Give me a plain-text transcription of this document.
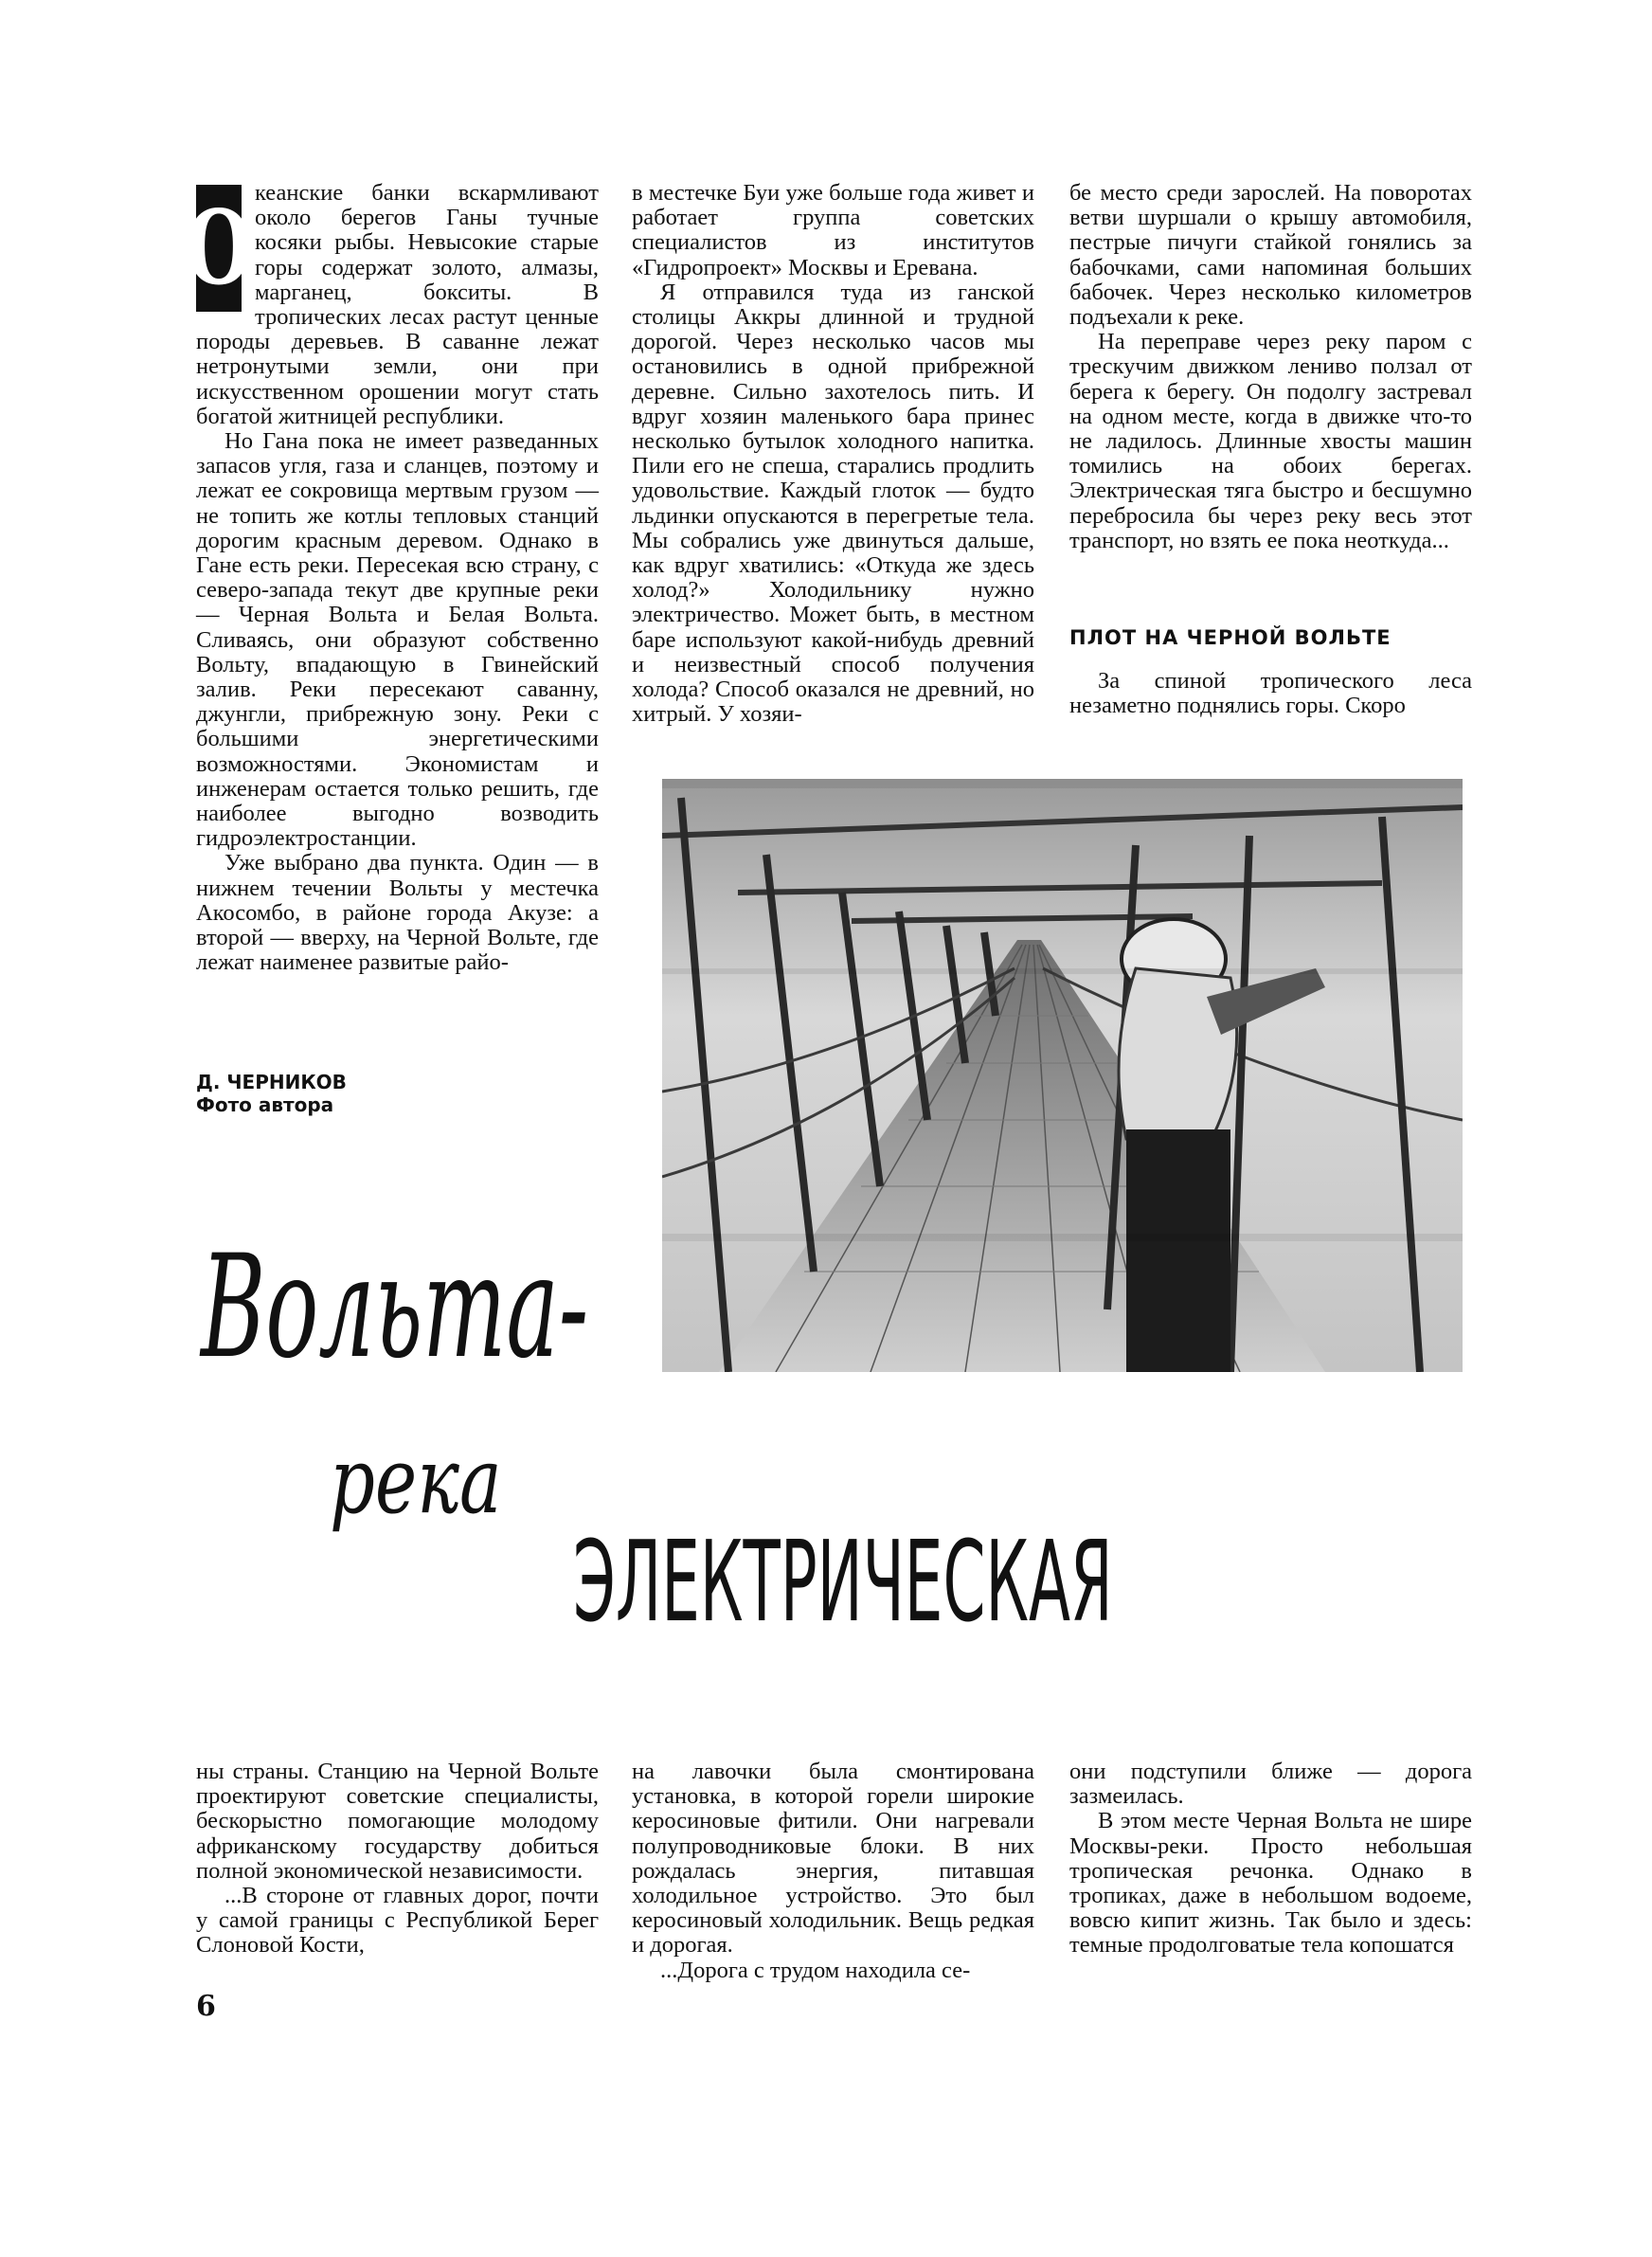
О кеанские банки вскармливают около берегов Ганы тучные косяки рыбы. Невысокие старые горы содержат золото, алмазы, марганец, бокситы. В тропических лесах растут ценные породы деревьев. В саванне лежат нетронутыми земли, они при искусственном орошении могут стать богатой житницей республики.

Но Гана пока не имеет разведанных запасов угля, газа и сланцев, поэтому и лежат ее сокровища мертвым грузом — не топить же котлы тепловых станций дорогим красным деревом. Однако в Гане есть реки. Пересекая всю страну, с северо-запада текут две крупные реки — Черная Вольта и Белая Вольта. Сливаясь, они образуют собственно Вольту, впадающую в Гвинейский залив. Реки пересекают саванну, джунгли, прибрежную зону. Реки с большими энергетическими возможностями. Экономистам и инженерам остается только решить, где наиболее выгодно возводить гидроэлектростанции.

Уже выбрано два пункта. Один — в нижнем течении Вольты у местечка Акосомбо, в районе города Акузе: а второй — вверху, на Черной Вольте, где лежат наименее развитые райо-

в местечке Буи уже больше года живет и работает группа советских специалистов из институтов «Гидропроект» Москвы и Еревана.

Я отправился туда из ганской столицы Аккры длинной и трудной дорогой. Через несколько часов мы остановились в одной прибрежной деревне. Сильно захотелось пить. И вдруг хозяин маленького бара принес несколько бутылок холодного напитка. Пили его не спеша, старались продлить удовольствие. Каждый глоток — будто льдинки опускаются в перегретые тела. Мы собрались уже двинуться дальше, как вдруг хватились: «Откуда же здесь холод?» Холодильнику нужно электричество. Может быть, в местном баре используют какой-нибудь древний и неизвестный способ получения холода? Способ оказался не древний, но хитрый. У хозяи-

бе место среди зарослей. На поворотах ветви шуршали о крышу автомобиля, пестрые пичуги стайкой гонялись за бабочками, сами напоминая больших бабочек. Через несколько километров подъехали к реке.

На переправе через реку паром с трескучим движком лениво ползал от берега к берегу. Он подолгу застревал на одном месте, когда в движке что-то не ладилось. Длинные хвосты машин томились на обоих берегах. Электрическая тяга быстро и бесшумно перебросила бы через реку весь этот транспорт, но взять ее пока неоткуда...

ПЛОТ НА ЧЕРНОЙ ВОЛЬТЕ

За спиной тропического леса незаметно поднялись горы. Скоро

Д. ЧЕРНИКОВ
Фото автора
Вольта-
река
ЭЛЕКТРИЧЕСКАЯ

ны страны. Станцию на Черной Вольте проектируют советские специалисты, бескорыстно помогающие молодому африканскому государству добиться полной экономической независимости.

...В стороне от главных дорог, почти у самой границы с Республикой Берег Слоновой Кости,

на лавочки была смонтирована установка, в которой горели широкие керосиновые фитили. Они нагревали полупроводниковые блоки. В них рождалась энергия, питавшая холодильное устройство. Это был керосиновый холодильник. Вещь редкая и дорогая.

...Дорога с трудом находила се-

они подступили ближе — дорога зазмеилась.

В этом месте Черная Вольта не шире Москвы-реки. Просто небольшая тропическая речонка. Однако в тропиках, даже в небольшом водоеме, вовсю кипит жизнь. Так было и здесь: темные продолговатые тела копошатся

6
